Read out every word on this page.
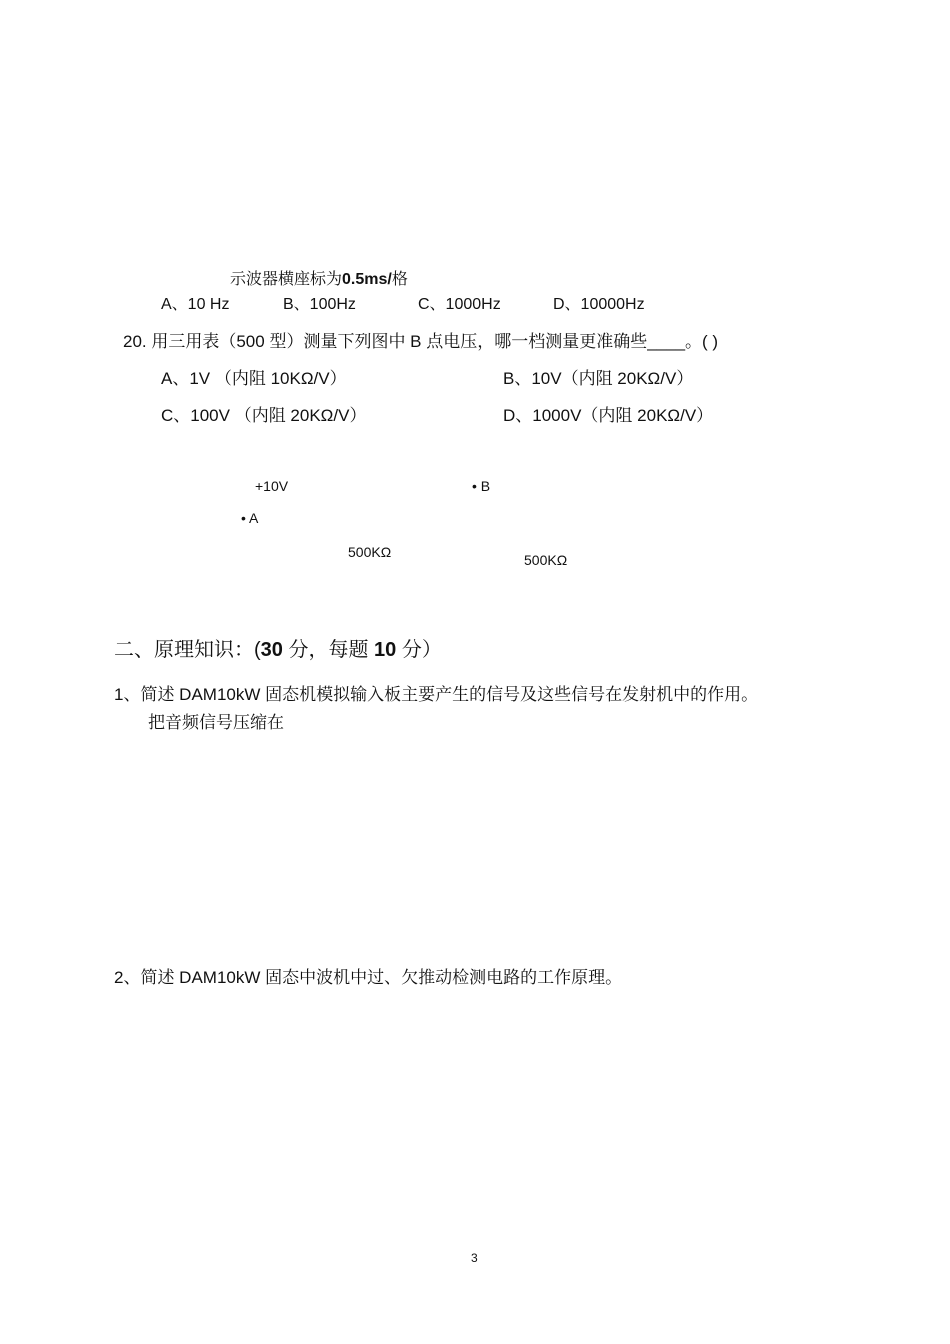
示波器横座标为0.5ms/格
A、10 Hz	B、100Hz	C、1000Hz	D、10000Hz
20. 用三用表（500 型）测量下列图中 B 点电压，哪一档测量更准确些____。( )
A、1V （内阻 10KΩ/V）	B、10V（内阻 20KΩ/V）
C、100V （内阻 20KΩ/V）	D、1000V（内阻 20KΩ/V）
+10V	• B
• A
500KΩ	500KΩ
二、原理知识：(30 分，每题 10 分）
1、简述 DAM10kW 固态机模拟输入板主要产生的信号及这些信号在发射机中的作用。
把音频信号压缩在
2、简述 DAM10kW 固态中波机中过、欠推动检测电路的工作原理。
3
